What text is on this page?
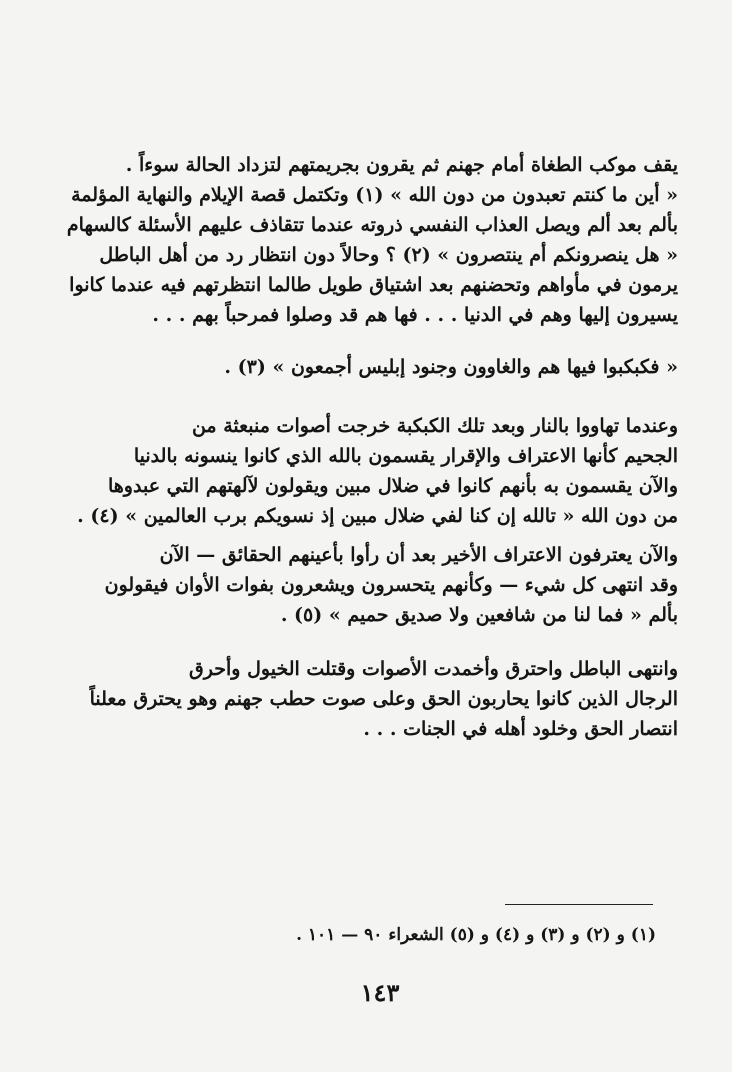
يقف موكب الطغاة أمام جهنم ثم يقرون بجريمتهم لتزداد الحالة سوءاً .
« أين ما كنتم تعبدون من دون الله » (١) وتكتمل قصة الإيلام والنهاية المؤلمة
بألم بعد ألم ويصل العذاب النفسي ذروته عندما تتقاذف عليهم الأسئلة كالسهام
« هل ينصرونكم أم ينتصرون » (٢) ؟ وحالاً دون انتظار رد من أهل الباطل
يرمون في مأواهم وتحضنهم بعد اشتياق طويل طالما انتظرتهم فيه عندما كانوا
يسيرون إليها وهم في الدنيا . . . فها هم قد وصلوا فمرحباً بهم . . .
« فكبكبوا فيها هم والغاوون وجنود إبليس أجمعون » (٣) .
وعندما تهاووا بالنار وبعد تلك الكبكبة خرجت أصوات منبعثة من
الجحيم كأنها الاعتراف والإقرار يقسمون بالله الذي كانوا ينسونه بالدنيا
والآن يقسمون به بأنهم كانوا في ضلال مبين ويقولون لآلهتهم التي عبدوها
من دون الله « تالله إن كنا لفي ضلال مبين إذ نسويكم برب العالمين » (٤) .
والآن يعترفون الاعتراف الأخير بعد أن رأوا بأعينهم الحقائق — الآن
وقد انتهى كل شيء — وكأنهم يتحسرون ويشعرون بفوات الأوان فيقولون
بألم « فما لنا من شافعين ولا صديق حميم » (٥) .
وانتهى الباطل واحترق وأخمدت الأصوات وقتلت الخيول وأحرق
الرجال الذين كانوا يحاربون الحق وعلى صوت حطب جهنم وهو يحترق معلناً
انتصار الحق وخلود أهله في الجنات . . .
(١) و (٢) و (٣) و (٤) و (٥) الشعراء ٩٠ — ١٠١ .
١٤٣
